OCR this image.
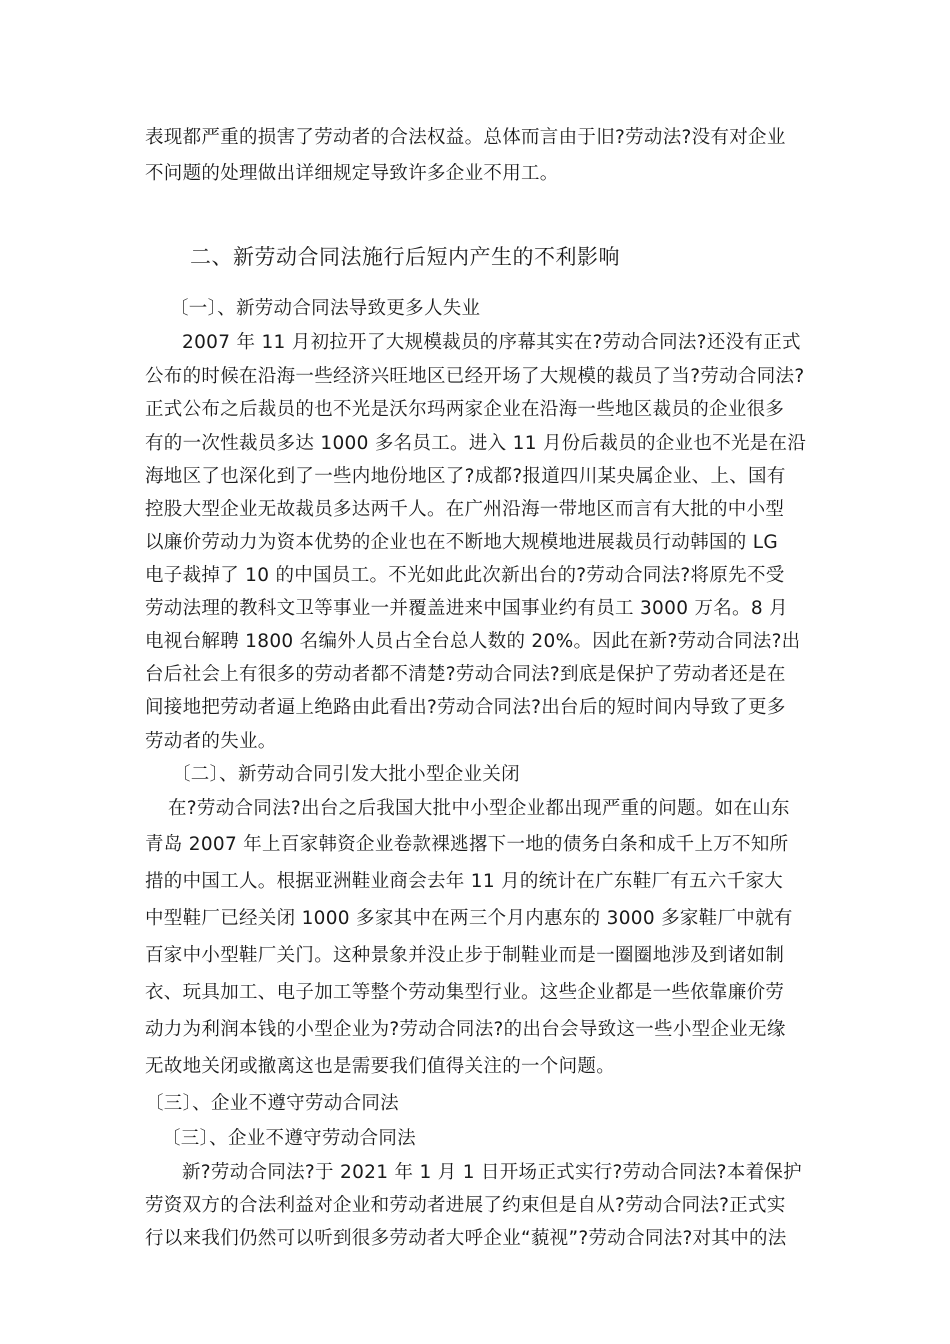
表现都严重的损害了劳动者的合法权益。总体而言由于旧?劳动法?没有对企业
不问题的处理做出详细规定导致许多企业不用工。
二、新劳动合同法施行后短内产生的不利影响
〔一〕、新劳动合同法导致更多人失业
2007 年 11 月初拉开了大规模裁员的序幕其实在?劳动合同法?还没有正式
公布的时候在沿海一些经济兴旺地区已经开场了大规模的裁员了当?劳动合同法?
正式公布之后裁员的也不光是沃尔玛两家企业在沿海一些地区裁员的企业很多
有的一次性裁员多达 1000 多名员工。进入 11 月份后裁员的企业也不光是在沿
海地区了也深化到了一些内地份地区了?成都?报道四川某央属企业、上、国有
控股大型企业无故裁员多达两千人。在广州沿海一带地区而言有大批的中小型
以廉价劳动力为资本优势的企业也在不断地大规模地进展裁员行动韩国的 LG
电子裁掉了 10 的中国员工。不光如此此次新出台的?劳动合同法?将原先不受
劳动法理的教科文卫等事业一并覆盖进来中国事业约有员工 3000 万名。8 月
电视台解聘 1800 名编外人员占全台总人数的 20%。因此在新?劳动合同法?出
台后社会上有很多的劳动者都不清楚?劳动合同法?到底是保护了劳动者还是在
间接地把劳动者逼上绝路由此看出?劳动合同法?出台后的短时间内导致了更多
劳动者的失业。
〔二〕、新劳动合同引发大批小型企业关闭
在?劳动合同法?出台之后我国大批中小型企业都出现严重的问题。如在山东
青岛 2007 年上百家韩资企业卷款裸逃撂下一地的债务白条和成千上万不知所
措的中国工人。根据亚洲鞋业商会去年 11 月的统计在广东鞋厂有五六千家大
中型鞋厂已经关闭 1000 多家其中在两三个月内惠东的 3000 多家鞋厂中就有
百家中小型鞋厂关门。这种景象并没止步于制鞋业而是一圈圈地涉及到诸如制
衣、玩具加工、电子加工等整个劳动集型行业。这些企业都是一些依靠廉价劳
动力为利润本钱的小型企业为?劳动合同法?的出台会导致这一些小型企业无缘
无故地关闭或撤离这也是需要我们值得关注的一个问题。
〔三〕、企业不遵守劳动合同法
〔三〕、企业不遵守劳动合同法
新?劳动合同法?于 2021 年 1 月 1 日开场正式实行?劳动合同法?本着保护
劳资双方的合法利益对企业和劳动者进展了约束但是自从?劳动合同法?正式实
行以来我们仍然可以听到很多劳动者大呼企业“藐视”?劳动合同法?对其中的法
